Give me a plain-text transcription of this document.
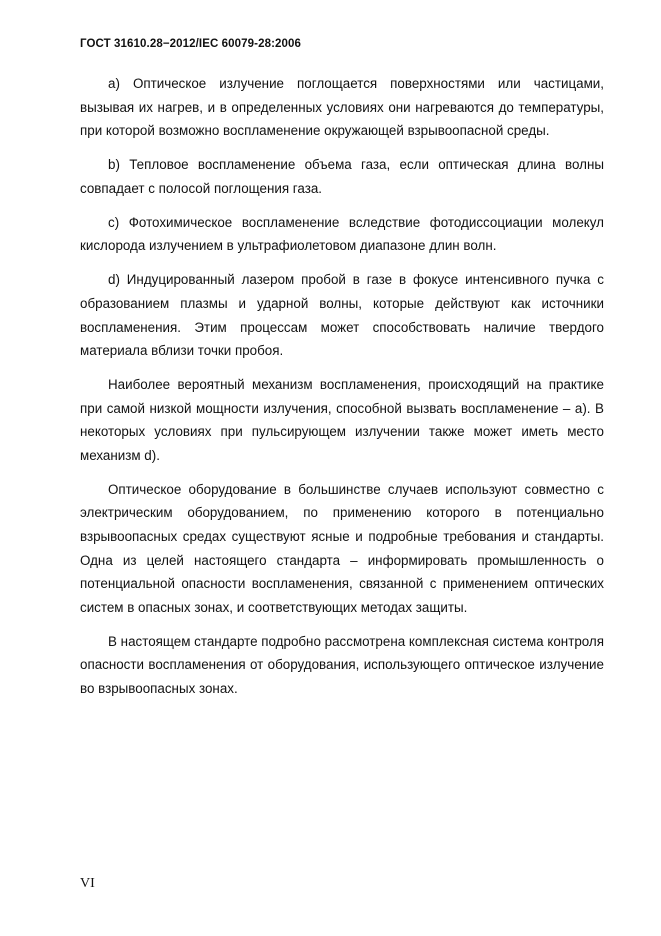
ГОСТ 31610.28−2012/IEC 60079-28:2006

а) Оптическое излучение поглощается поверхностями или частицами, вызывая их нагрев, и в определенных условиях они нагреваются до температуры, при которой возможно воспламенение окружающей взрывоопасной среды.

b) Тепловое воспламенение объема газа, если оптическая длина волны совпадает с полосой поглощения газа.

c) Фотохимическое воспламенение вследствие фотодиссоциации молекул кислорода излучением в ультрафиолетовом диапазоне длин волн.

d) Индуцированный лазером пробой в газе в фокусе интенсивного пучка с образованием плазмы и ударной волны, которые действуют как источники воспламенения. Этим процессам может способствовать наличие твердого материала вблизи точки пробоя.

Наиболее вероятный механизм воспламенения, происходящий на практике при самой низкой мощности излучения, способной вызвать воспламенение – а). В некоторых условиях при пульсирующем излучении также может иметь место механизм d).

Оптическое оборудование в большинстве случаев используют совместно с электрическим оборудованием, по применению которого в потенциально взрывоопасных средах существуют ясные и подробные требования и стандарты. Одна из целей настоящего стандарта – информировать промышленность о потенциальной опасности воспламенения, связанной с применением оптических систем в опасных зонах, и соответствующих методах защиты.

В настоящем стандарте подробно рассмотрена комплексная система контроля опасности воспламенения от оборудования, использующего оптическое излучение во взрывоопасных зонах.

VI
